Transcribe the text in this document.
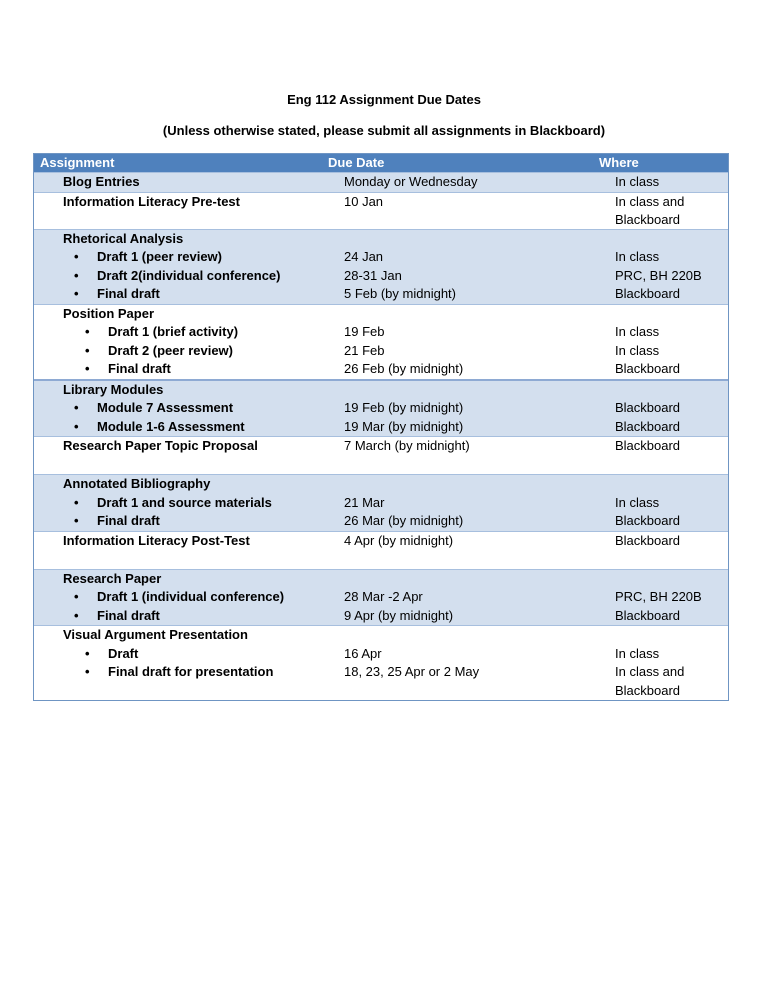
Eng 112 Assignment Due Dates
(Unless otherwise stated, please submit all assignments in Blackboard)
Assignment	Due Date	Where
Blog Entries	Monday or Wednesday	In class
Information Literacy Pre-test	10 Jan	In class and
Blackboard
Rhetorical Analysis
• Draft 1 (peer review)	24 Jan	In class
• Draft 2(individual conference)	28-31 Jan	PRC, BH 220B
• Final draft	5 Feb (by midnight)	Blackboard
Position Paper
• Draft 1 (brief activity)	19 Feb	In class
• Draft 2 (peer review)	21 Feb	In class
• Final draft	26 Feb (by midnight)	Blackboard
Library Modules
• Module 7 Assessment	19 Feb (by midnight)	Blackboard
• Module 1-6 Assessment	19 Mar (by midnight)	Blackboard
Research Paper Topic Proposal	7 March (by midnight)	Blackboard
Annotated Bibliography
• Draft 1 and source materials	21 Mar	In class
• Final draft	26 Mar (by midnight)	Blackboard
Information Literacy Post-Test	4 Apr (by midnight)	Blackboard
Research Paper
• Draft 1 (individual conference)	28 Mar -2 Apr	PRC, BH 220B
• Final draft	9 Apr (by midnight)	Blackboard
Visual Argument Presentation
• Draft	16 Apr	In class
• Final draft for presentation	18, 23, 25 Apr or 2 May	In class and
Blackboard
